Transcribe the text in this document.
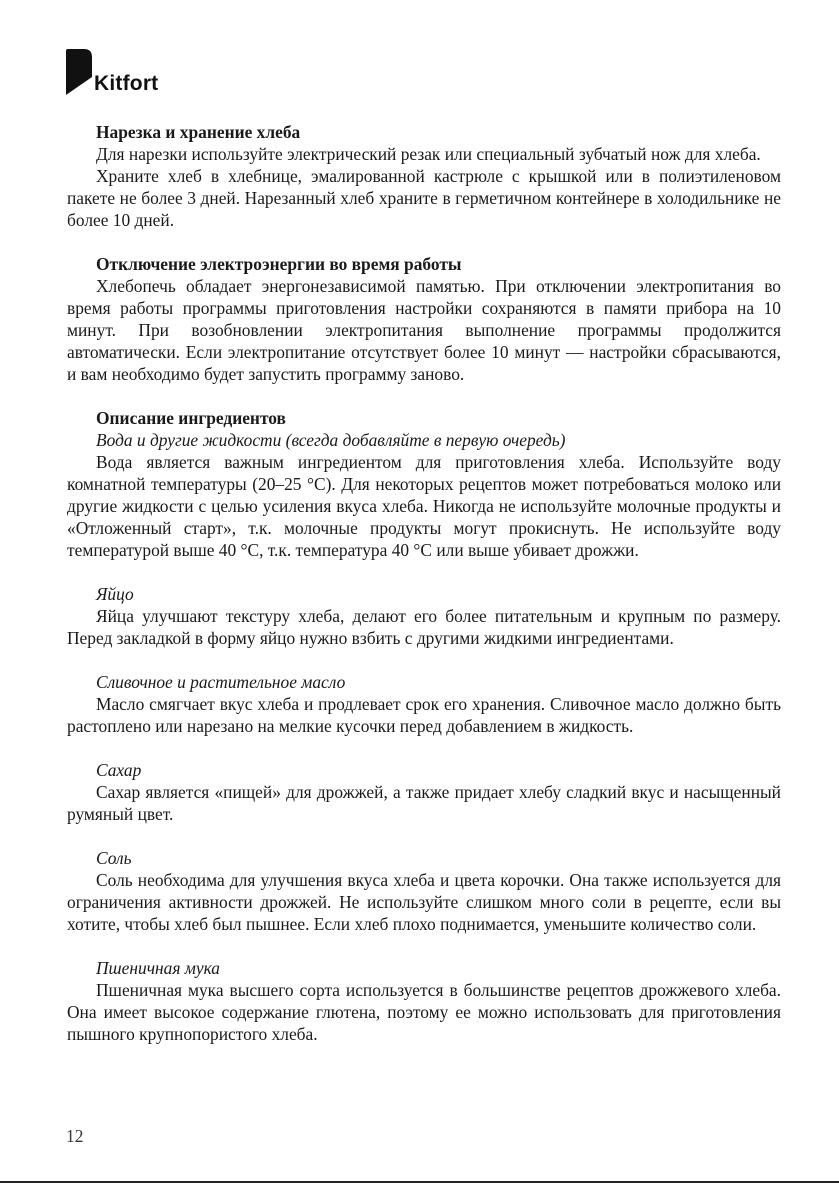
Kitfort
Нарезка и хранение хлеба

Для нарезки используйте электрический резак или специальный зубчатый нож для хлеба.

Храните хлеб в хлебнице, эмалированной кастрюле с крышкой или в полиэтиленовом пакете не более 3 дней. Нарезанный хлеб храните в герметичном контейнере в холодильнике не более 10 дней.

Отключение электроэнергии во время работы

Хлебопечь обладает энергонезависимой памятью. При отключении электропитания во время работы программы приготовления настройки сохраняются в памяти прибора на 10 минут. При возобновлении электропитания выполнение программы продолжится автоматически. Если электропитание отсутствует более 10 минут — настройки сбрасываются, и вам необходимо будет запустить программу заново.

Описание ингредиентов
Вода и другие жидкости (всегда добавляйте в первую очередь)

Вода является важным ингредиентом для приготовления хлеба. Используйте воду комнатной температуры (20–25 °С). Для некоторых рецептов может потребоваться молоко или другие жидкости с целью усиления вкуса хлеба. Никогда не используйте молочные продукты и «Отложенный старт», т.к. молочные продукты могут прокиснуть. Не используйте воду температурой выше 40 °С, т.к. температура 40 °С или выше убивает дрожжи.

Яйцо

Яйца улучшают текстуру хлеба, делают его более питательным и крупным по размеру. Перед закладкой в форму яйцо нужно взбить с другими жидкими ингредиентами.

Сливочное и растительное масло

Масло смягчает вкус хлеба и продлевает срок его хранения. Сливочное масло должно быть растоплено или нарезано на мелкие кусочки перед добавлением в жидкость.

Сахар

Сахар является «пищей» для дрожжей, а также придает хлебу сладкий вкус и насыщенный румяный цвет.

Соль

Соль необходима для улучшения вкуса хлеба и цвета корочки. Она также используется для ограничения активности дрожжей. Не используйте слишком много соли в рецепте, если вы хотите, чтобы хлеб был пышнее. Если хлеб плохо поднимается, уменьшите количество соли.

Пшеничная мука

Пшеничная мука высшего сорта используется в большинстве рецептов дрожжевого хлеба. Она имеет высокое содержание глютена, поэтому ее можно использовать для приготовления пышного крупнопористого хлеба.

12
